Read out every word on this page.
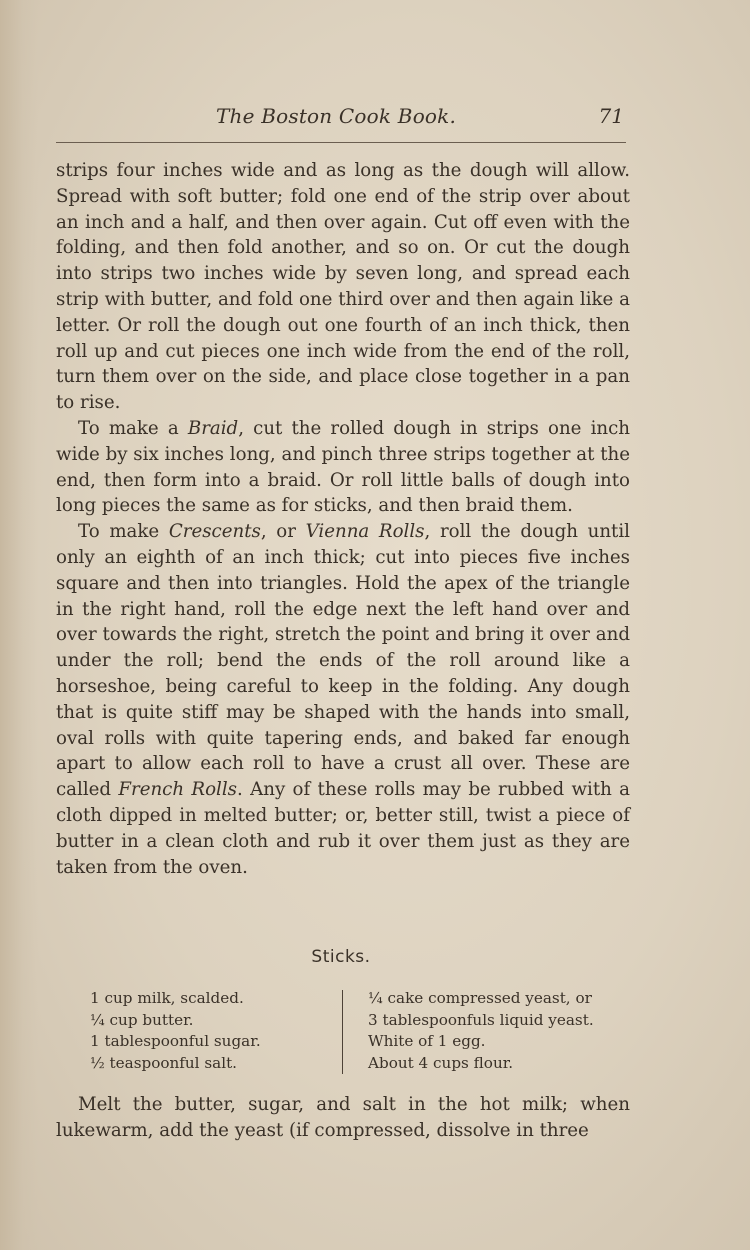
The Boston Cook Book.	71

strips four inches wide and as long as the dough will allow. Spread with soft butter; fold one end of the strip over about an inch and a half, and then over again. Cut off even with the folding, and then fold another, and so on. Or cut the dough into strips two inches wide by seven long, and spread each strip with butter, and fold one third over and then again like a letter. Or roll the dough out one fourth of an inch thick, then roll up and cut pieces one inch wide from the end of the roll, turn them over on the side, and place close together in a pan to rise.

To make a Braid, cut the rolled dough in strips one inch wide by six inches long, and pinch three strips together at the end, then form into a braid. Or roll little balls of dough into long pieces the same as for sticks, and then braid them.

To make Crescents, or Vienna Rolls, roll the dough until only an eighth of an inch thick; cut into pieces five inches square and then into triangles. Hold the apex of the triangle in the right hand, roll the edge next the left hand over and over towards the right, stretch the point and bring it over and under the roll; bend the ends of the roll around like a horseshoe, being careful to keep in the folding. Any dough that is quite stiff may be shaped with the hands into small, oval rolls with quite tapering ends, and baked far enough apart to allow each roll to have a crust all over. These are called French Rolls. Any of these rolls may be rubbed with a cloth dipped in melted butter; or, better still, twist a piece of butter in a clean cloth and rub it over them just as they are taken from the oven.

Sticks.
1 cup milk, scalded.
¼ cup butter.
1 tablespoonful sugar.
½ teaspoonful salt.
¼ cake compressed yeast, or
3 tablespoonfuls liquid yeast.
White of 1 egg.
About 4 cups flour.

Melt the butter, sugar, and salt in the hot milk; when lukewarm, add the yeast (if compressed, dissolve in three
